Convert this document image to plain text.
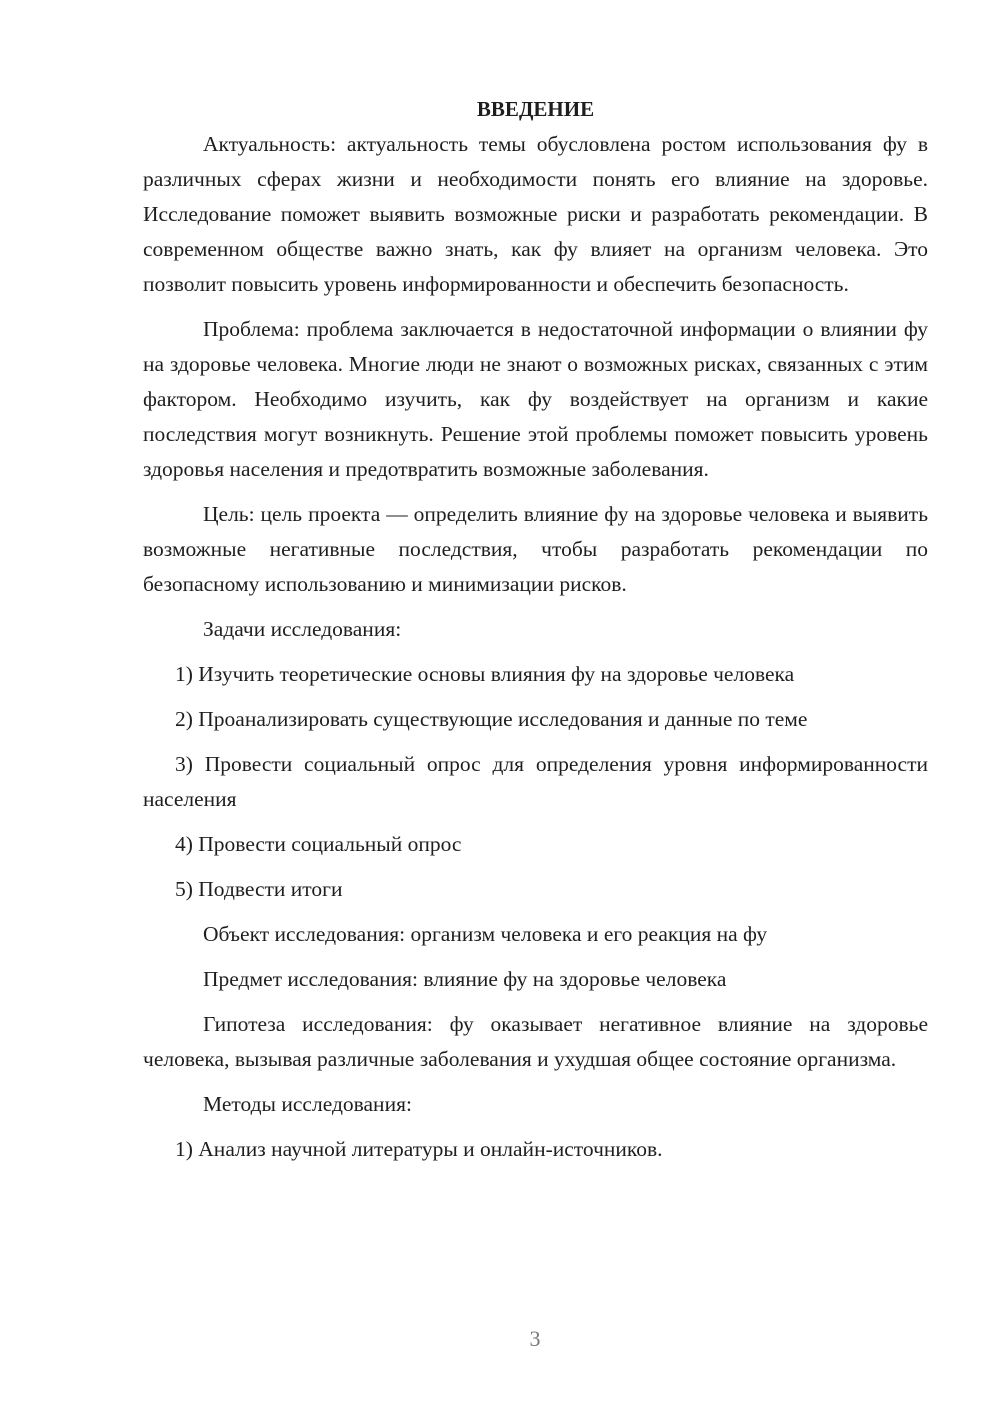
ВВЕДЕНИЕ

Актуальность: актуальность темы обусловлена ростом использования фу в различных сферах жизни и необходимости понять его влияние на здоровье. Исследование поможет выявить возможные риски и разработать рекомендации. В современном обществе важно знать, как фу влияет на организм человека. Это позволит повысить уровень информированности и обеспечить безопасность.

Проблема: проблема заключается в недостаточной информации о влиянии фу на здоровье человека. Многие люди не знают о возможных рисках, связанных с этим фактором. Необходимо изучить, как фу воздействует на организм и какие последствия могут возникнуть. Решение этой проблемы поможет повысить уровень здоровья населения и предотвратить возможные заболевания.

Цель: цель проекта — определить влияние фу на здоровье человека и выявить возможные негативные последствия, чтобы разработать рекомендации по безопасному использованию и минимизации рисков.

Задачи исследования:

1) Изучить теоретические основы влияния фу на здоровье человека

2) Проанализировать существующие исследования и данные по теме

3) Провести социальный опрос для определения уровня информированности населения

4) Провести социальный опрос

5) Подвести итоги

Объект исследования: организм человека и его реакция на фу

Предмет исследования: влияние фу на здоровье человека

Гипотеза исследования: фу оказывает негативное влияние на здоровье человека, вызывая различные заболевания и ухудшая общее состояние организма.

Методы исследования:

1) Анализ научной литературы и онлайн-источников.

3
